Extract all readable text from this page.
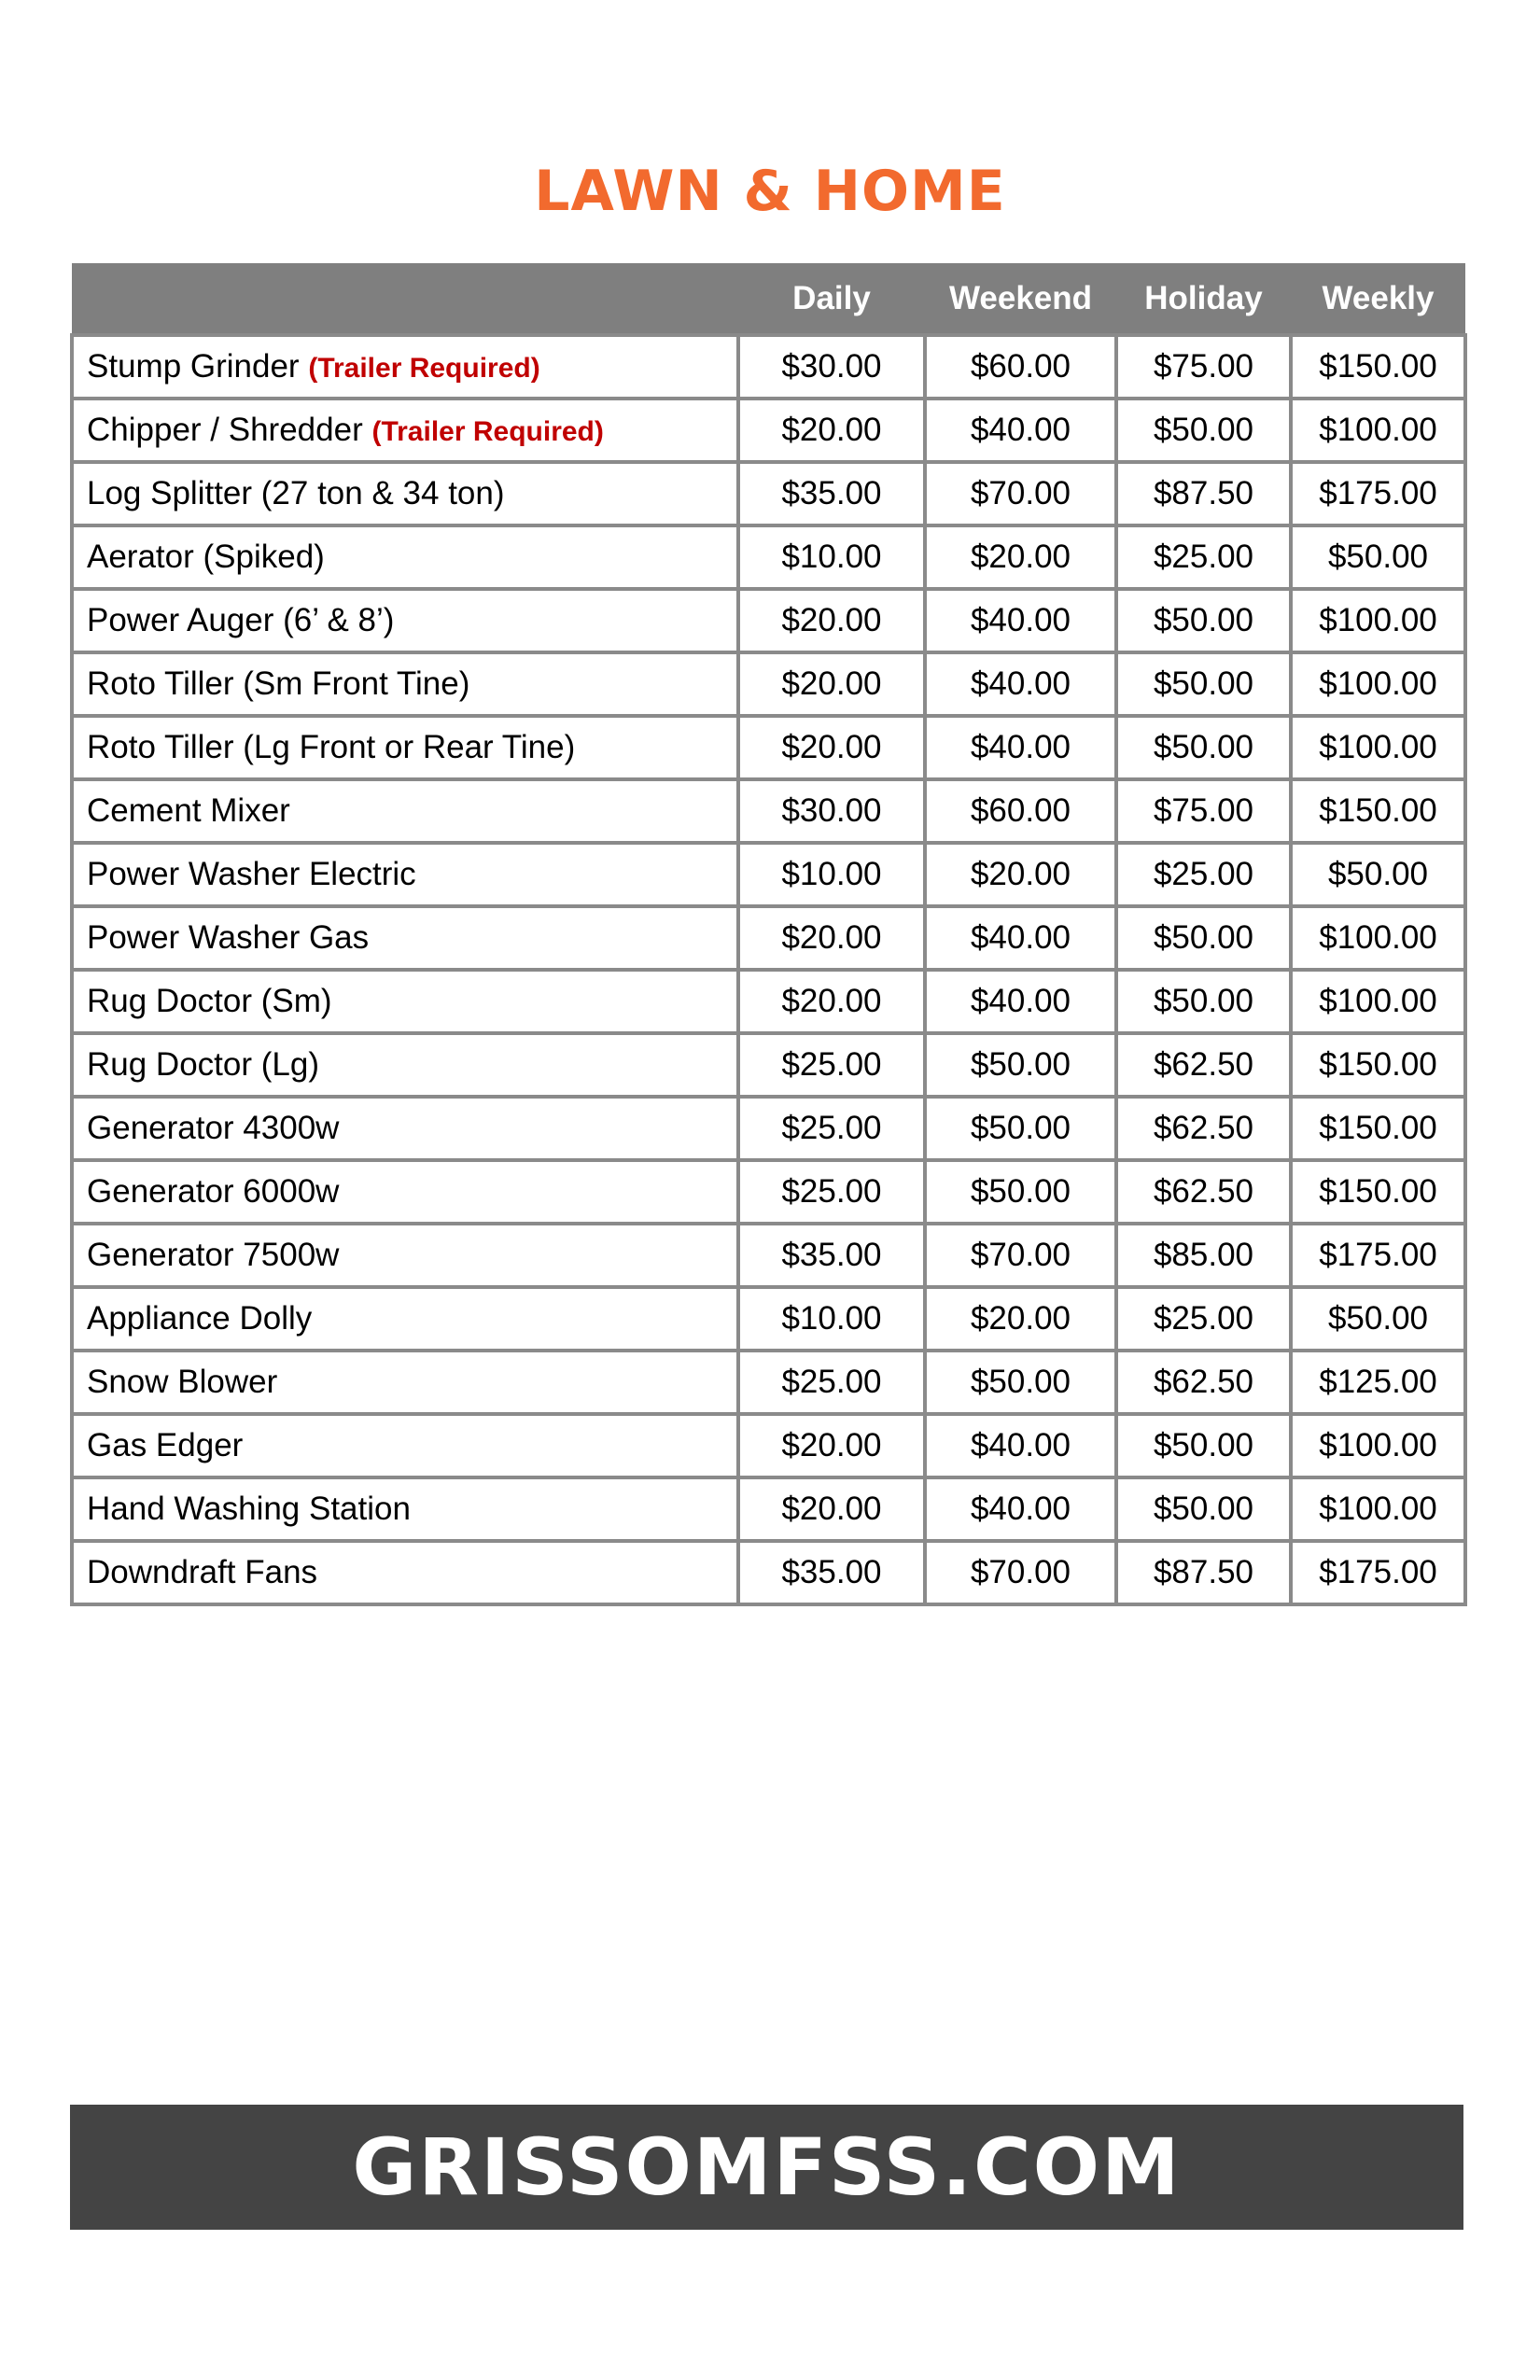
LAWN & HOME
	Daily	Weekend	Holiday	Weekly
Stump Grinder (Trailer Required)	$30.00	$60.00	$75.00	$150.00
Chipper / Shredder (Trailer Required)	$20.00	$40.00	$50.00	$100.00
Log Splitter (27 ton & 34 ton)	$35.00	$70.00	$87.50	$175.00
Aerator (Spiked)	$10.00	$20.00	$25.00	$50.00
Power Auger (6’ & 8’)	$20.00	$40.00	$50.00	$100.00
Roto Tiller (Sm Front Tine)	$20.00	$40.00	$50.00	$100.00
Roto Tiller (Lg Front or Rear Tine)	$20.00	$40.00	$50.00	$100.00
Cement Mixer	$30.00	$60.00	$75.00	$150.00
Power Washer Electric	$10.00	$20.00	$25.00	$50.00
Power Washer Gas	$20.00	$40.00	$50.00	$100.00
Rug Doctor (Sm)	$20.00	$40.00	$50.00	$100.00
Rug Doctor (Lg)	$25.00	$50.00	$62.50	$150.00
Generator 4300w	$25.00	$50.00	$62.50	$150.00
Generator 6000w	$25.00	$50.00	$62.50	$150.00
Generator 7500w	$35.00	$70.00	$85.00	$175.00
Appliance Dolly	$10.00	$20.00	$25.00	$50.00
Snow Blower	$25.00	$50.00	$62.50	$125.00
Gas Edger	$20.00	$40.00	$50.00	$100.00
Hand Washing Station	$20.00	$40.00	$50.00	$100.00
Downdraft Fans	$35.00	$70.00	$87.50	$175.00
GRISSOMFSS.COM
